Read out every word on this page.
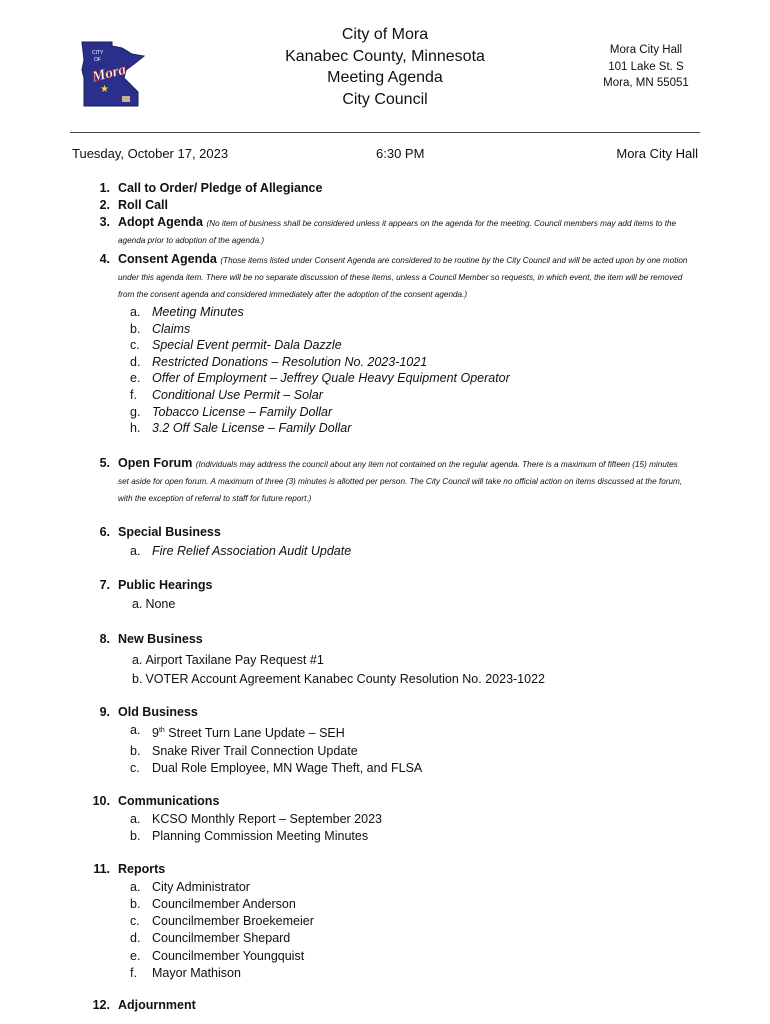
CITY
OF
Mora
★
City of Mora
Kanabec County, Minnesota
Meeting Agenda
City Council
Mora City Hall
101 Lake St. S
Mora, MN 55051
Tuesday, October 17, 2023	6:30 PM	Mora City Hall
1. Call to Order/ Pledge of Allegiance
2. Roll Call
3. Adopt Agenda (No item of business shall be considered unless it appears on the agenda for the meeting. Council members may add items to the agenda prior to adoption of the agenda.)
4. Consent Agenda (Those items listed under Consent Agenda are considered to be routine by the City Council and will be acted upon by one motion under this agenda item. There will be no separate discussion of these items, unless a Council Member so requests, in which event, the item will be removed from the consent agenda and considered immediately after the adoption of the consent agenda.)
a. Meeting Minutes
b. Claims
c. Special Event permit- Dala Dazzle
d. Restricted Donations – Resolution No. 2023-1021
e. Offer of Employment – Jeffrey Quale Heavy Equipment Operator
f.	Conditional Use Permit – Solar
g. Tobacco License – Family Dollar
h. 3.2 Off Sale License – Family Dollar
5. Open Forum (Individuals may address the council about any item not contained on the regular agenda. There is a maximum of fifteen (15) minutes set aside for open forum. A maximum of three (3) minutes is allotted per person. The City Council will take no official action on items discussed at the forum, with the exception of referral to staff for future report.)
6. Special Business
a. Fire Relief Association Audit Update
7. Public Hearings
a. None
8. New Business
a. Airport Taxilane Pay Request #1
b. VOTER Account Agreement Kanabec County Resolution No. 2023-1022
9. Old Business
a. 9th Street Turn Lane Update – SEH
b. Snake River Trail Connection Update
c. Dual Role Employee, MN Wage Theft, and FLSA
10. Communications
a. KCSO Monthly Report – September 2023
b. Planning Commission Meeting Minutes
11. Reports
a. City Administrator
b. Councilmember Anderson
c. Councilmember Broekemeier
d. Councilmember Shepard
e. Councilmember Youngquist
f.	Mayor Mathison
12. Adjournment
